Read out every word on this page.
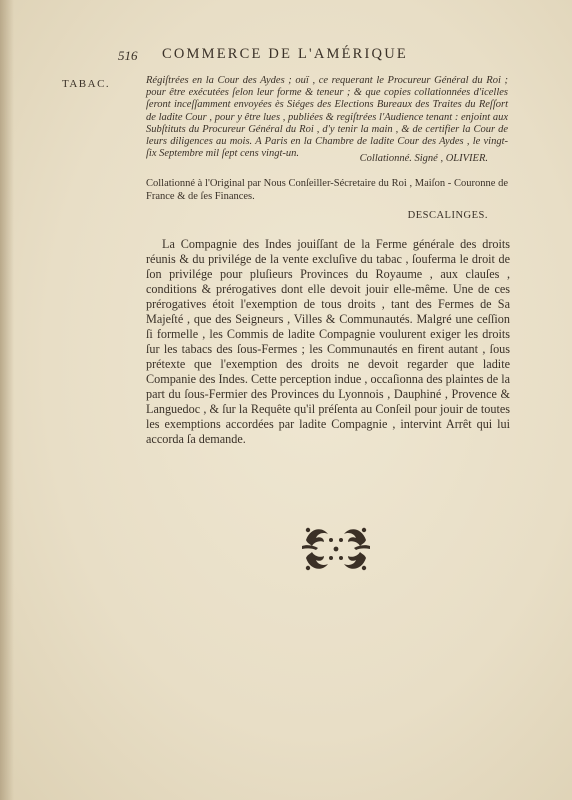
516 COMMERCE DE L'AMÉRIQUE
TABAC.	Régiſtrées en la Cour des Aydes ; ouï , ce requerant le Procureur Général du Roi ; pour être exécutées ſelon leur forme & teneur ; & que copies collationnées d'icelles ſeront inceſſamment envoyées ès Siéges des Elections Bureaux des Traites du Reſſort de ladite Cour , pour y être lues , publiées & regiſtrées l'Audience tenant : enjoint aux Subſtituts du Procureur Général du Roi , d'y tenir la main , & de certifier la Cour de leurs diligences au mois. A Paris en la Chambre de ladite Cour des Aydes , le vingt-ſix Septembre mil ſept cens vingt-un.	Collationné. Signé , OLIVIER.

Collationné à l'Original par Nous Conſeiller-Sécretaire du Roi , Maiſon - Couronne de France & de ſes Finances.

DESCALINGES.

La Compagnie des Indes jouiſſant de la Ferme générale des droits réunis & du privilége de la vente excluſive du tabac , ſouferma le droit de ſon privilége pour pluſieurs Provinces du Royaume , aux clauſes , conditions & prérogatives dont elle devoit jouir elle-même. Une de ces prérogatives étoit l'exemption de tous droits , tant des Fermes de Sa Majeſté , que des Seigneurs , Villes & Communautés. Malgré une ceſſion ſi formelle , les Commis de ladite Compagnie voulurent exiger les droits ſur les tabacs des ſous-Fermes ; les Communautés en firent autant , ſous prétexte que l'exemption des droits ne devoit regarder que ladite Companie des Indes. Cette perception indue , occaſionna des plaintes de la part du ſous-Fermier des Provinces du Lyonnois , Dauphiné , Provence & Languedoc , & ſur la Requête qu'il préſenta au Conſeil pour jouir de toutes les exemptions accordées par ladite Compagnie , intervint Arrêt qui lui accorda ſa demande.
